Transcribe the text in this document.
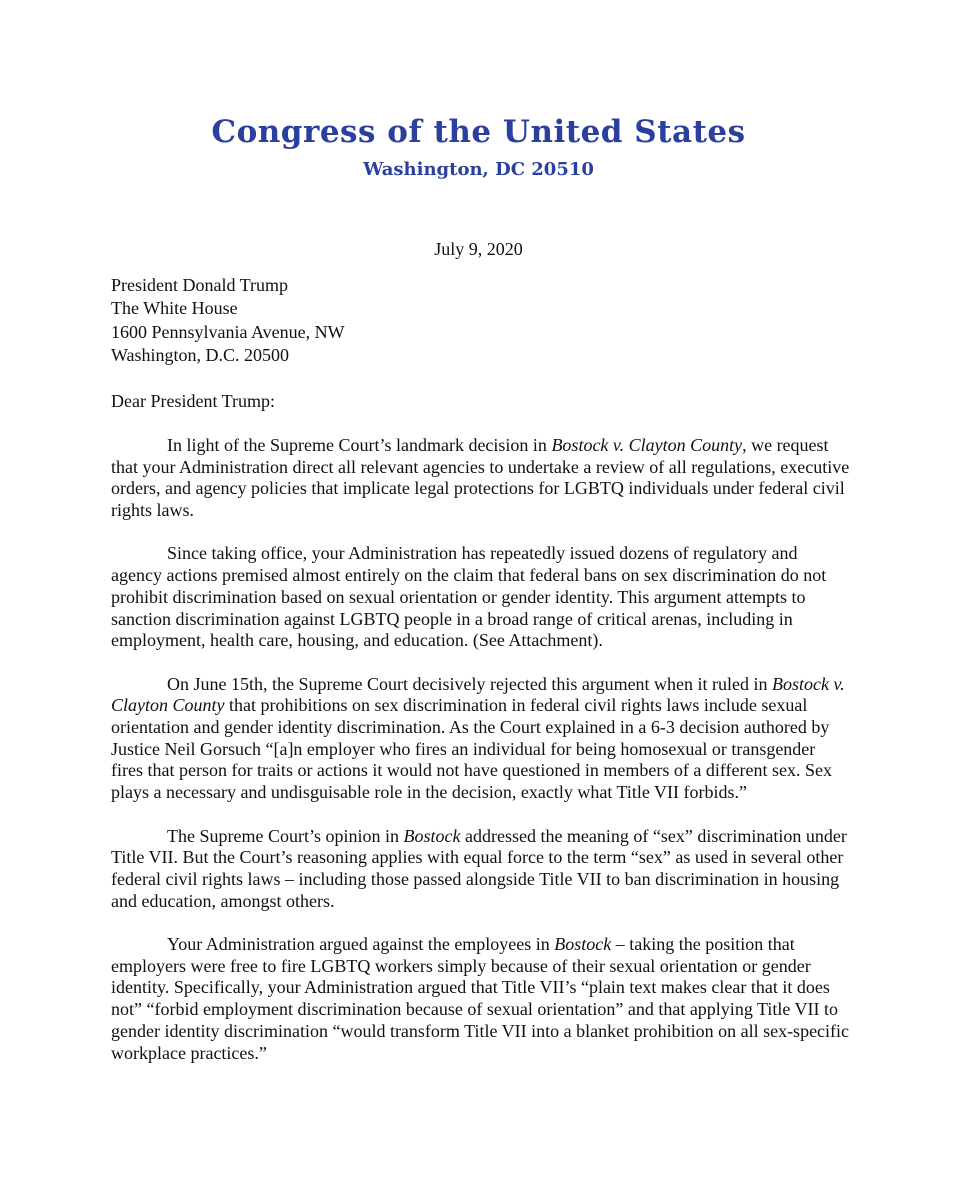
Congress of the United States
Washington, DC 20510
July 9, 2020
President Donald Trump
The White House
1600 Pennsylvania Avenue, NW
Washington, D.C. 20500
Dear President Trump:

In light of the Supreme Court’s landmark decision in Bostock v. Clayton County, we request that your Administration direct all relevant agencies to undertake a review of all regulations, executive orders, and agency policies that implicate legal protections for LGBTQ individuals under federal civil rights laws.

Since taking office, your Administration has repeatedly issued dozens of regulatory and agency actions premised almost entirely on the claim that federal bans on sex discrimination do not prohibit discrimination based on sexual orientation or gender identity. This argument attempts to sanction discrimination against LGBTQ people in a broad range of critical arenas, including in employment, health care, housing, and education. (See Attachment).

On June 15th, the Supreme Court decisively rejected this argument when it ruled in Bostock v. Clayton County that prohibitions on sex discrimination in federal civil rights laws include sexual orientation and gender identity discrimination. As the Court explained in a 6-3 decision authored by Justice Neil Gorsuch “[a]n employer who fires an individual for being homosexual or transgender fires that person for traits or actions it would not have questioned in members of a different sex. Sex plays a necessary and undisguisable role in the decision, exactly what Title VII forbids.”

The Supreme Court’s opinion in Bostock addressed the meaning of “sex” discrimination under Title VII. But the Court’s reasoning applies with equal force to the term “sex” as used in several other federal civil rights laws – including those passed alongside Title VII to ban discrimination in housing and education, amongst others.

Your Administration argued against the employees in Bostock – taking the position that employers were free to fire LGBTQ workers simply because of their sexual orientation or gender identity. Specifically, your Administration argued that Title VII’s “plain text makes clear that it does not” “forbid employment discrimination because of sexual orientation” and that applying Title VII to gender identity discrimination “would transform Title VII into a blanket prohibition on all sex-specific workplace practices.”
